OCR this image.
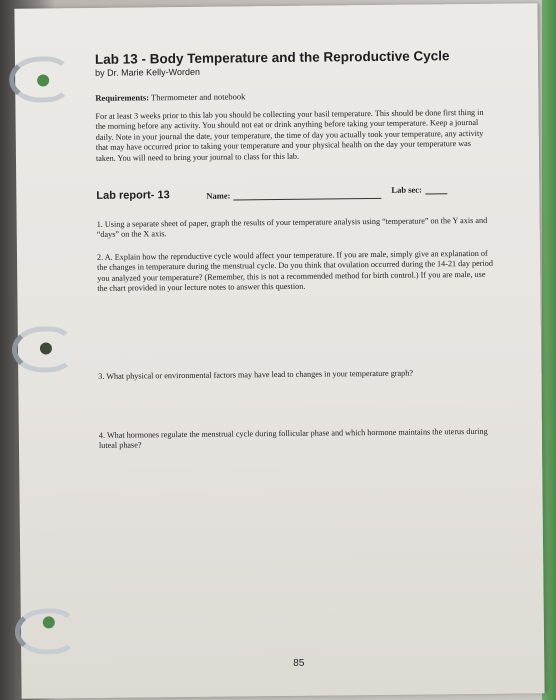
Lab 13 - Body Temperature and the Reproductive Cycle

by Dr. Marie Kelly-Worden

Requirements: Thermometer and notebook

For at least 3 weeks prior to this lab you should be collecting your basil temperature. This should be done first thing in the morning before any activity. You should not eat or drink anything before taking your temperature. Keep a journal daily. Note in your journal the date, your temperature, the time of day you actually took your temperature, any activity that may have occurred prior to taking your temperature and your physical health on the day your temperature was taken. You will need to bring your journal to class for this lab.

Lab report- 13	Name:
Lab sec:

1. Using a separate sheet of paper, graph the results of your temperature analysis using “temperature” on the Y axis and “days” on the X axis.

2. A. Explain how the reproductive cycle would affect your temperature. If you are male, simply give an explanation of the changes in temperature during the menstrual cycle. Do you think that ovulation occurred during the 14-21 day period you analyzed your temperature? (Remember, this is not a recommended method for birth control.) If you are male, use the chart provided in your lecture notes to answer this question.

3. What physical or environmental factors may have lead to changes in your temperature graph?

4. What hormones regulate the menstrual cycle during follicular phase and which hormone maintains the uterus during luteal phase?

85
